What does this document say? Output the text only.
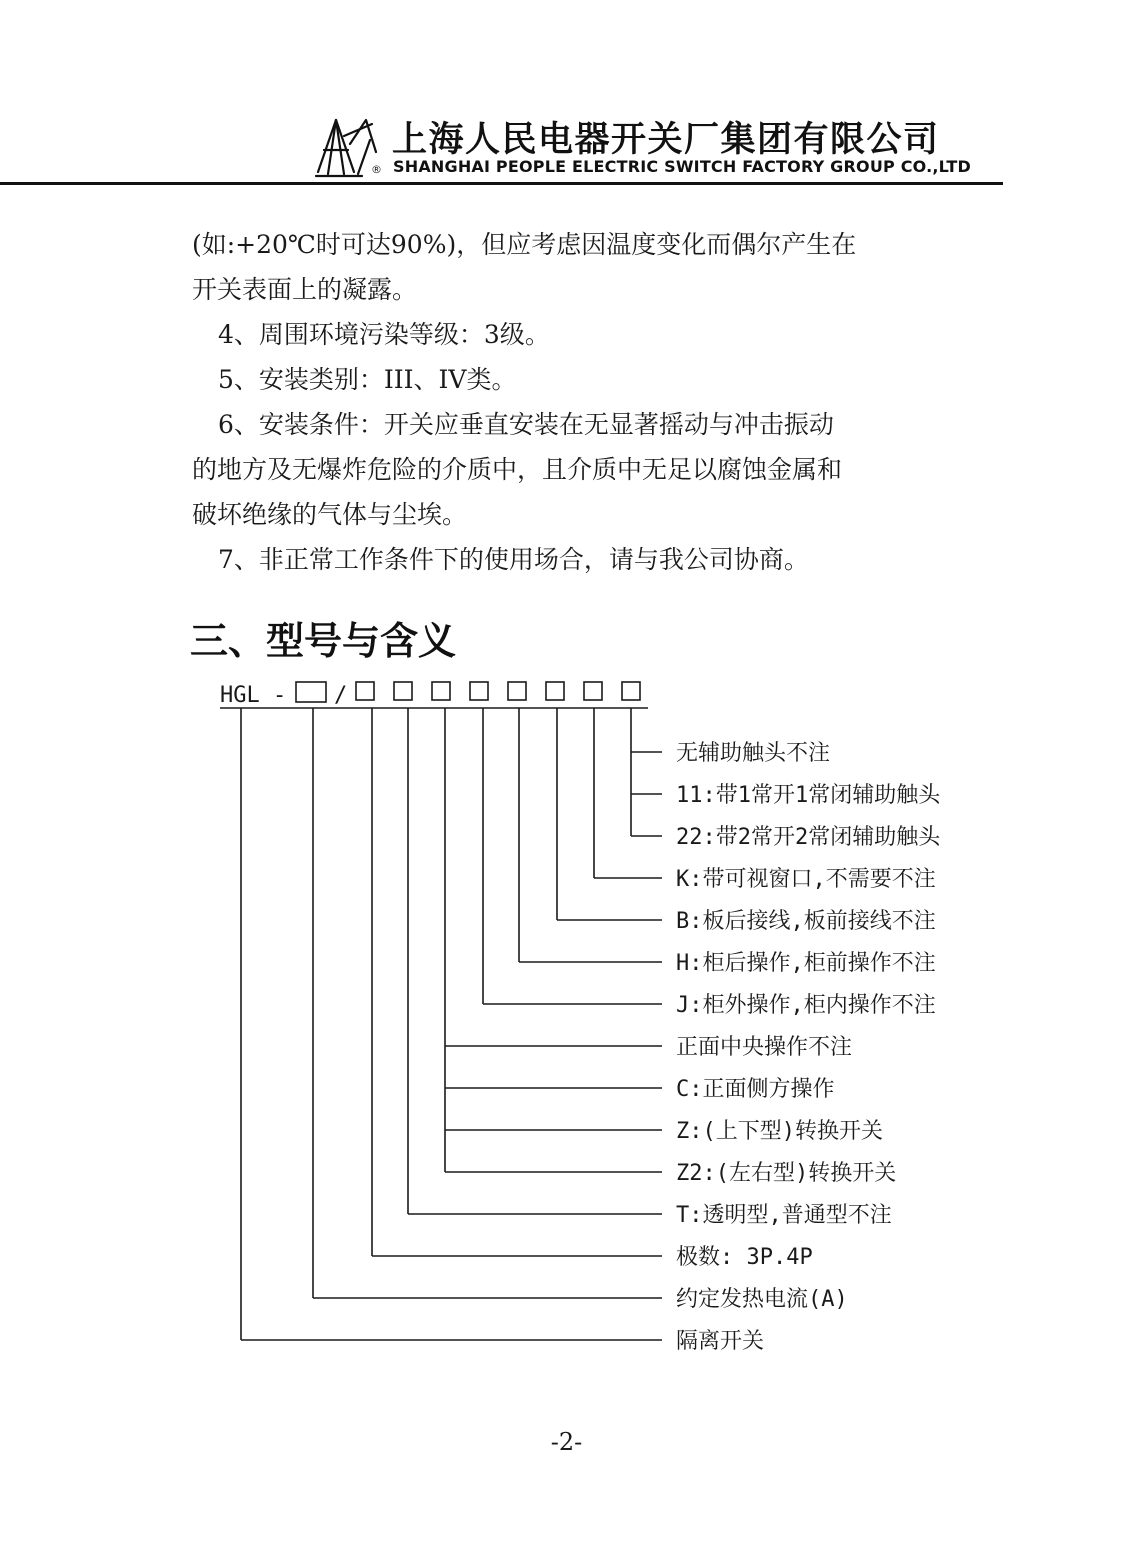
®
上海人民电器开关厂集团有限公司
SHANGHAI PEOPLE ELECTRIC SWITCH FACTORY GROUP CO.,LTD

(如:+20℃时可达90%)，但应考虑因温度变化而偶尔产生在

开关表面上的凝露。

4、周围环境污染等级：3级。

5、安装类别：III、IV类。

6、安装条件：开关应垂直安装在无显著摇动与冲击振动

的地方及无爆炸危险的介质中，且介质中无足以腐蚀金属和

破坏绝缘的气体与尘埃。

7、非正常工作条件下的使用场合，请与我公司协商。

三、型号与含义
HGL - /
无辅助触头不注
11:带1常开1常闭辅助触头
22:带2常开2常闭辅助触头
K:带可视窗口,不需要不注
B:板后接线,板前接线不注
H:柜后操作,柜前操作不注
J:柜外操作,柜内操作不注
正面中央操作不注
C:正面侧方操作
Z:(上下型)转换开关
Z2:(左右型)转换开关
T:透明型,普通型不注
极数: 3P.4P
约定发热电流(A)
隔离开关
-2-
